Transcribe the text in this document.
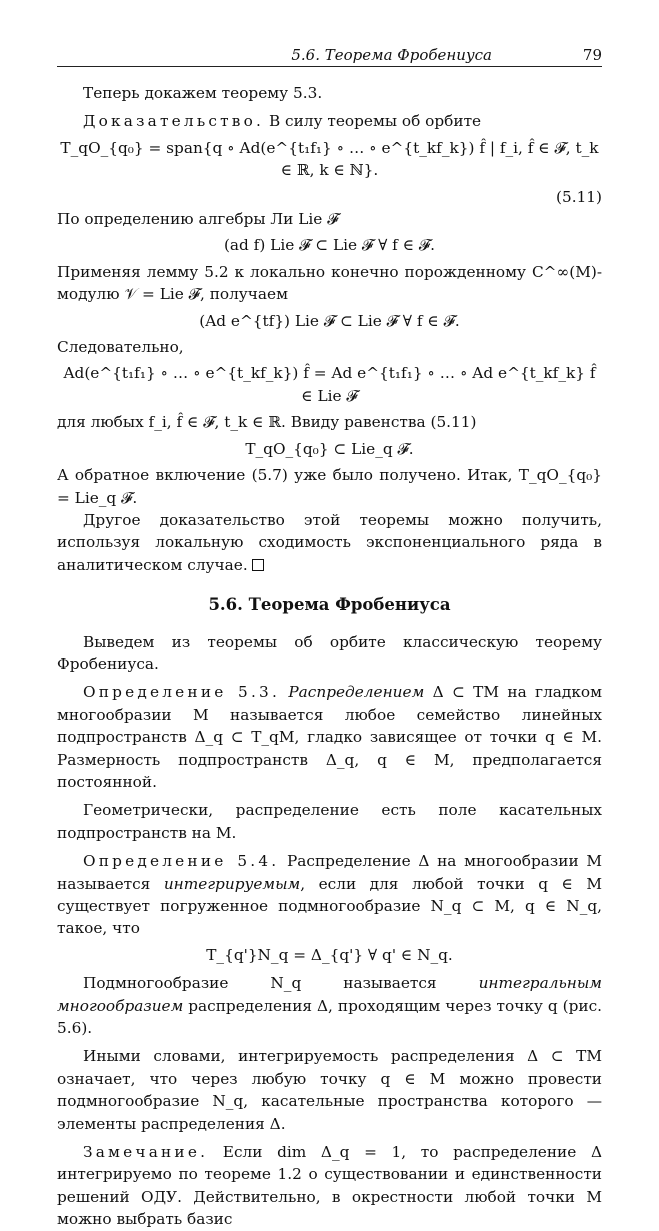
5.6. Теорема Фробениуса	79

Теперь докажем теорему 5.3.

Доказательство. В силу теоремы об орбите

T_qO_{q₀} = span{q ∘ Ad(e^{t₁f₁} ∘ … ∘ e^{t_kf_k}) f̂ | f_i, f̂ ∈ 𝓕, t_k ∈ ℝ, k ∈ ℕ}.

(5.11)

По определению алгебры Ли Lie 𝓕

(ad f) Lie 𝓕 ⊂ Lie 𝓕 ∀ f ∈ 𝓕.

Применяя лемму 5.2 к локально конечно порожденному C^∞(M)-модулю 𝒱 = Lie 𝓕, получаем

(Ad e^{tf}) Lie 𝓕 ⊂ Lie 𝓕 ∀ f ∈ 𝓕.

Следовательно,

Ad(e^{t₁f₁} ∘ … ∘ e^{t_kf_k}) f̂ = Ad e^{t₁f₁} ∘ … ∘ Ad e^{t_kf_k} f̂ ∈ Lie 𝓕

для любых f_i, f̂ ∈ 𝓕, t_k ∈ ℝ. Ввиду равенства (5.11)

T_qO_{q₀} ⊂ Lie_q 𝓕.

А обратное включение (5.7) уже было получено. Итак, T_qO_{q₀} = Lie_q 𝓕.

Другое доказательство этой теоремы можно получить, используя локальную сходимость экспоненциального ряда в аналитическом случае.

5.6. Теорема Фробениуса

Выведем из теоремы об орбите классическую теорему Фробениуса.

Определение 5.3. Распределением Δ ⊂ TM на гладком многообразии M называется любое семейство линейных подпространств Δ_q ⊂ T_qM, гладко зависящее от точки q ∈ M. Размерность подпространств Δ_q, q ∈ M, предполагается постоянной.

Геометрически, распределение есть поле касательных подпространств на M.

Определение 5.4. Распределение Δ на многообразии M называется интегрируемым, если для любой точки q ∈ M существует погруженное подмногообразие N_q ⊂ M, q ∈ N_q, такое, что

T_{q'}N_q = Δ_{q'} ∀ q' ∈ N_q.

Подмногообразие N_q называется интегральным многообразием распределения Δ, проходящим через точку q (рис. 5.6).

Иными словами, интегрируемость распределения Δ ⊂ TM означает, что через любую точку q ∈ M можно провести подмногообразие N_q, касательные пространства которого — элементы распределения Δ.

Замечание. Если dim Δ_q = 1, то распределение Δ интегрируемо по теореме 1.2 о существовании и единственности решений ОДУ. Действительно, в окрестности любой точки M можно выбрать базис
